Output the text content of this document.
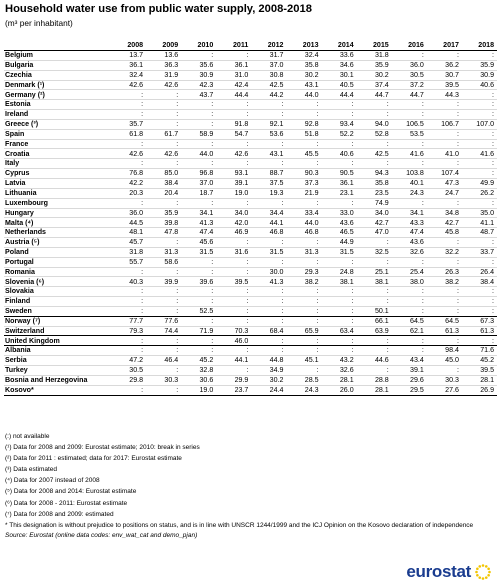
Household water use from public water supply, 2008-2018
(m³ per inhabitant)
	2008	2009	2010	2011	2012	2013	2014	2015	2016	2017	2018
Belgium	13.7	13.6	:	:	31.7	32.4	33.6	31.8	:	:	:
Bulgaria	36.1	36.3	35.6	36.1	37.0	35.8	34.6	35.9	36.0	36.2	35.9
Czechia	32.4	31.9	30.9	31.0	30.8	30.2	30.1	30.2	30.5	30.7	30.9
Denmark (¹)	42.6	42.6	42.3	42.4	42.5	43.1	40.5	37.4	37.2	39.5	40.6
Germany (²)	:	:	43.7	44.4	44.2	44.0	44.4	44.7	44.7	44.3	:
Estonia	:	:	:	:	:	:	:	:	:	:	:
Ireland	:	:	:	:	:	:	:	:	:	:	:
Greece (³)	35.7	:	:	91.8	92.1	92.8	93.4	94.0	106.5	106.7	107.0
Spain	61.8	61.7	58.9	54.7	53.6	51.8	52.2	52.8	53.5	:	:
France	:	:	:	:	:	:	:	:	:	:	:
Croatia	42.6	42.6	44.0	42.6	43.1	45.5	40.6	42.5	41.6	41.0	41.6
Italy	:	:	:	:	:	:	:	:	:	:	:
Cyprus	76.8	85.0	96.8	93.1	88.7	90.3	90.5	94.3	103.8	107.4	:
Latvia	42.2	38.4	37.0	39.1	37.5	37.3	36.1	35.8	40.1	47.3	49.9
Lithuania	20.3	20.4	18.7	19.0	19.3	21.9	23.1	23.5	24.3	24.7	26.2
Luxembourg	:	:	:	:	:	:	:	74.9	:	:	:
Hungary	36.0	35.9	34.1	34.0	34.4	33.4	33.0	34.0	34.1	34.8	35.0
Malta (⁴)	44.5	39.8	41.3	42.0	44.1	44.0	43.6	42.7	43.3	42.7	41.1
Netherlands	48.1	47.8	47.4	46.9	46.8	46.8	46.5	47.0	47.4	45.8	48.7
Austria (⁵)	45.7	:	45.6	:	:	:	44.9	:	43.6	:	:
Poland	31.8	31.3	31.5	31.6	31.5	31.3	31.5	32.5	32.6	32.2	33.7
Portugal	55.7	58.6	:	:	:	:	:	:	:	:	:
Romania	:	:	:	:	30.0	29.3	24.8	25.1	25.4	26.3	26.4
Slovenia (⁶)	40.3	39.9	39.6	39.5	41.3	38.2	38.1	38.1	38.0	38.2	38.4
Slovakia	:	:	:	:	:	:	:	:	:	:	:
Finland	:	:	:	:	:	:	:	:	:	:	:
Sweden	:	:	52.5	:	:	:	:	50.1	:	:	:
Norway (⁷)	77.7	77.6	:	:	:	:	:	66.1	64.5	64.5	67.3
Switzerland	79.3	74.4	71.9	70.3	68.4	65.9	63.4	63.9	62.1	61.3	61.3
United Kingdom	:	:	:	46.0	:	:	:	:	:	:	:
Albania	:	:	:	:	:	:	:	:	:	98.4	71.6
Serbia	47.2	46.4	45.2	44.1	44.8	45.1	43.2	44.6	43.4	45.0	45.2
Turkey	30.5	:	32.8	:	34.9	:	32.6	:	39.1	:	39.5
Bosnia and Herzegovina	29.8	30.3	30.6	29.9	30.2	28.5	28.1	28.8	29.6	30.3	28.1
Kosovo*	:	:	19.0	23.7	24.4	24.3	26.0	28.1	29.5	27.6	26.9
(:) not available
(¹) Data for 2008 and 2009: Eurostat estimate; 2010: break in series
(²) Data for 2011 : estimated; data for 2017: Eurostat estimate
(³) Data estimated
(⁴) Data for 2007 instead of 2008
(⁵) Data for 2008 and 2014: Eurostat estimate
(⁶) Data for 2008 - 2011: Eurostat estimate
(⁷) Data for 2008 and 2009: estimated
* This designation is without prejudice to positions on status, and is in line with UNSCR 1244/1999 and the ICJ Opinion on the Kosovo declaration of independence
Source: Eurostat (online data codes: env_wat_cat and demo_pjan)
eurostat
